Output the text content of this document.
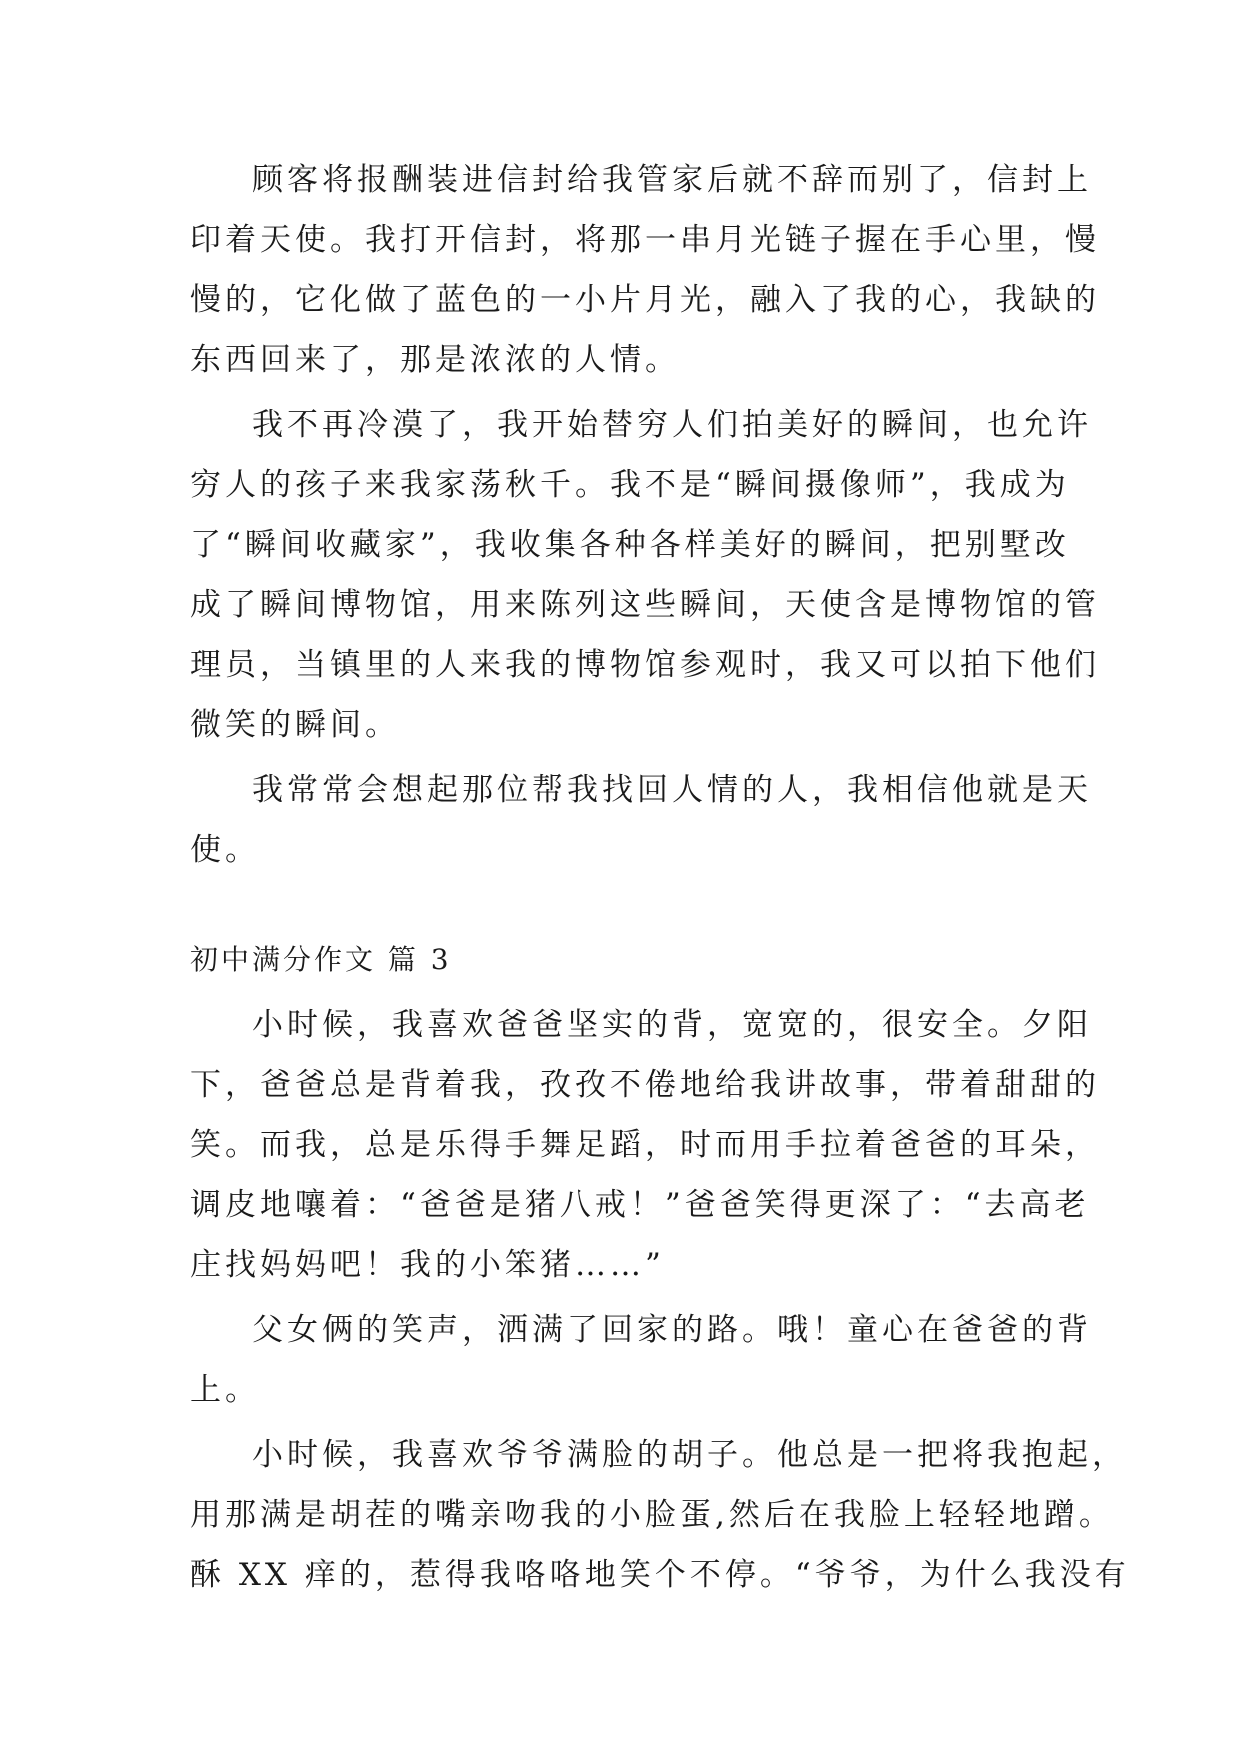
顾客将报酬装进信封给我管家后就不辞而别了，信封上
印着天使。我打开信封，将那一串月光链子握在手心里，慢
慢的，它化做了蓝色的一小片月光，融入了我的心，我缺的
东西回来了，那是浓浓的人情。
我不再冷漠了，我开始替穷人们拍美好的瞬间，也允许
穷人的孩子来我家荡秋千。我不是“瞬间摄像师”，我成为
了“瞬间收藏家”，我收集各种各样美好的瞬间，把别墅改
成了瞬间博物馆，用来陈列这些瞬间，天使含是博物馆的管
理员，当镇里的人来我的博物馆参观时，我又可以拍下他们
微笑的瞬间。
我常常会想起那位帮我找回人情的人，我相信他就是天
使。
初中满分作文 篇 3
小时候，我喜欢爸爸坚实的背，宽宽的，很安全。夕阳
下，爸爸总是背着我，孜孜不倦地给我讲故事，带着甜甜的
笑。而我，总是乐得手舞足蹈，时而用手拉着爸爸的耳朵，
调皮地嚷着：“爸爸是猪八戒！”爸爸笑得更深了：“去高老
庄找妈妈吧！我的小笨猪……”
父女俩的笑声，洒满了回家的路。哦！童心在爸爸的背
上。
小时候，我喜欢爷爷满脸的胡子。他总是一把将我抱起，
用那满是胡茬的嘴亲吻我的小脸蛋,然后在我脸上轻轻地蹭。
酥 XX 痒的，惹得我咯咯地笑个不停。“爷爷，为什么我没有
